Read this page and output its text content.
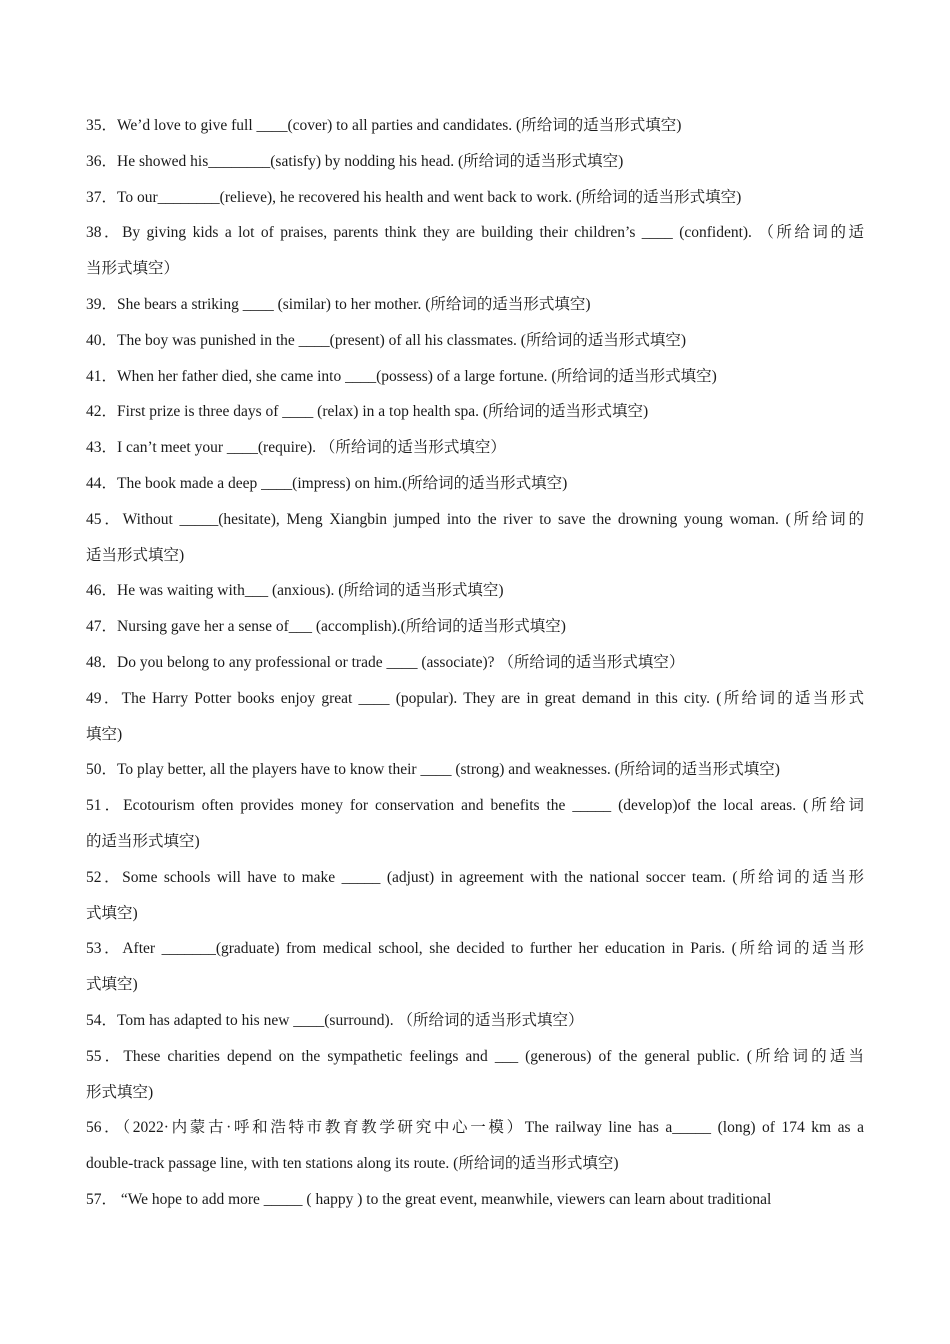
35．We’d love to give full ____(cover) to all parties and candidates. (所给词的适当形式填空)
36．He showed his________(satisfy) by nodding his head. (所给词的适当形式填空)
37．To our________(relieve), he recovered his health and went back to work. (所给词的适当形式填空)
38．By giving kids a lot of praises, parents think they are building their children’s ____ (confident). （所给词的适
当形式填空）
39．She bears a striking ____ (similar) to her mother. (所给词的适当形式填空)
40．The boy was punished in the ____(present) of all his classmates. (所给词的适当形式填空)
41．When her father died, she came into ____(possess) of a large fortune. (所给词的适当形式填空)
42．First prize is three days of ____ (relax) in a top health spa. (所给词的适当形式填空)
43．I can’t meet your ____(require). （所给词的适当形式填空）
44．The book made a deep ____(impress) on him.(所给词的适当形式填空)
45．Without _____(hesitate), Meng Xiangbin jumped into the river to save the drowning young woman. (所给词的
适当形式填空)
46．He was waiting with___ (anxious). (所给词的适当形式填空)
47．Nursing gave her a sense of___ (accomplish).(所给词的适当形式填空)
48．Do you belong to any professional or trade ____ (associate)? （所给词的适当形式填空）
49．The Harry Potter books enjoy great ____ (popular). They are in great demand in this city. (所给词的适当形式
填空)
50．To play better, all the players have to know their ____ (strong) and weaknesses. (所给词的适当形式填空)
51．Ecotourism often provides money for conservation and benefits the _____ (develop)of the local areas. (所给词
的适当形式填空)
52．Some schools will have to make _____ (adjust) in agreement with the national soccer team. (所给词的适当形
式填空)
53．After _______(graduate) from medical school, she decided to further her education in Paris. (所给词的适当形
式填空)
54．Tom has adapted to his new ____(surround). （所给词的适当形式填空）
55．These charities depend on the sympathetic feelings and ___ (generous) of the general public. (所给词的适当
形式填空)
56．（2022·内蒙古·呼和浩特市教育教学研究中心一模）The railway line has a_____ (long) of 174 km as a
double-track passage line, with ten stations along its route. (所给词的适当形式填空)
57． “We hope to add more _____ ( happy ) to the great event, meanwhile, viewers can learn about traditional
